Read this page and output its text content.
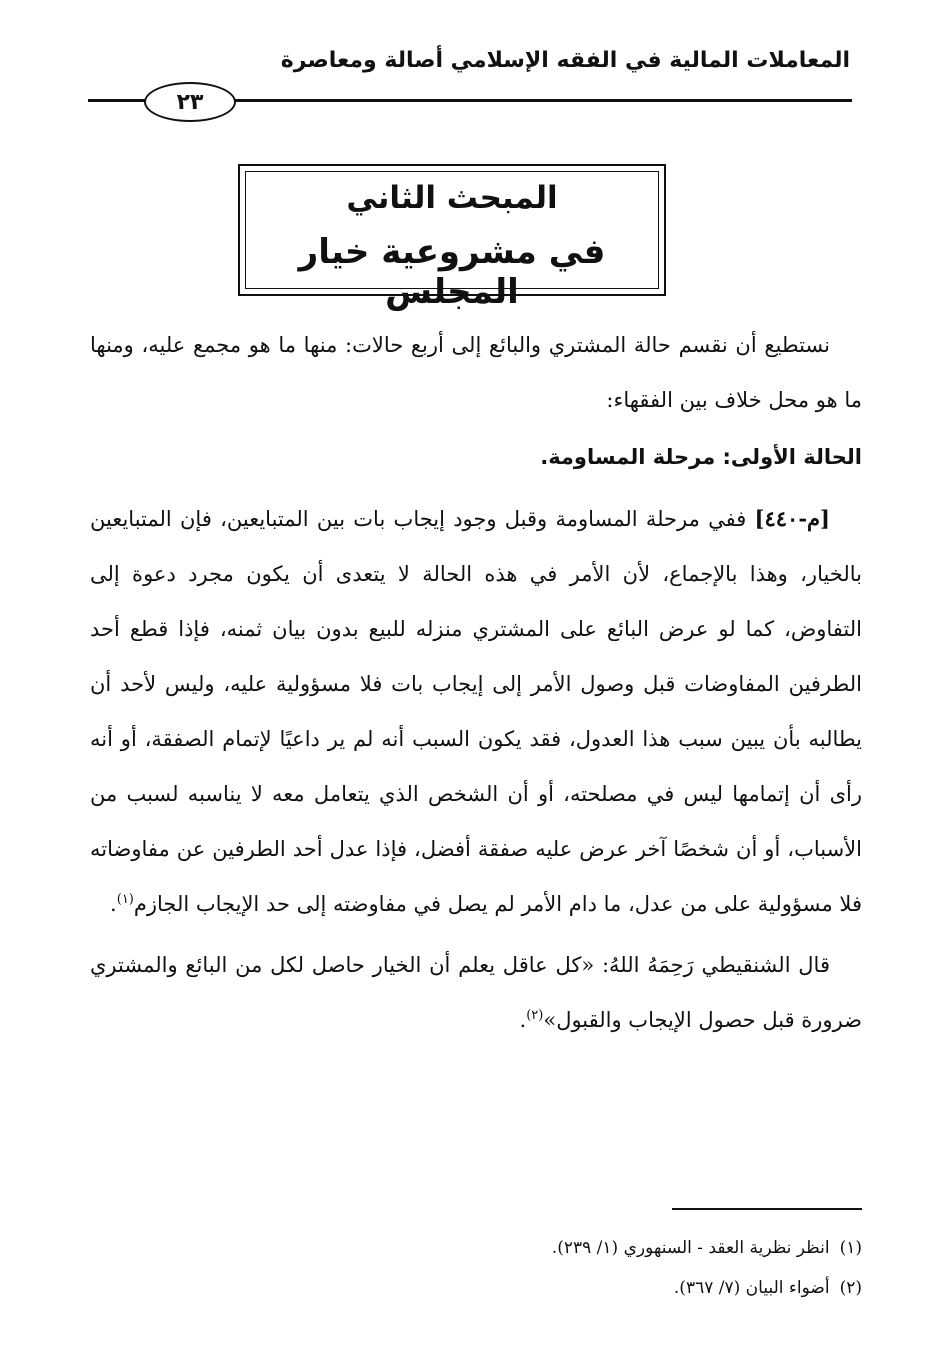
المعاملات المالية في الفقه الإسلامي أصالة ومعاصرة
٢٣
المبحث الثاني
في مشروعية خيار المجلس

نستطيع أن نقسم حالة المشتري والبائع إلى أربع حالات: منها ما هو مجمع عليه، ومنها ما هو محل خلاف بين الفقهاء:

الحالة الأولى: مرحلة المساومة.

[م-٤٤٠] ففي مرحلة المساومة وقبل وجود إيجاب بات بين المتبايعين، فإن المتبايعين بالخيار، وهذا بالإجماع، لأن الأمر في هذه الحالة لا يتعدى أن يكون مجرد دعوة إلى التفاوض، كما لو عرض البائع على المشتري منزله للبيع بدون بيان ثمنه، فإذا قطع أحد الطرفين المفاوضات قبل وصول الأمر إلى إيجاب بات فلا مسؤولية عليه، وليس لأحد أن يطالبه بأن يبين سبب هذا العدول، فقد يكون السبب أنه لم ير داعيًا لإتمام الصفقة، أو أنه رأى أن إتمامها ليس في مصلحته، أو أن الشخص الذي يتعامل معه لا يناسبه لسبب من الأسباب، أو أن شخصًا آخر عرض عليه صفقة أفضل، فإذا عدل أحد الطرفين عن مفاوضاته فلا مسؤولية على من عدل، ما دام الأمر لم يصل في مفاوضته إلى حد الإيجاب الجازم$^{(١)}$.

قال الشنقيطي رَحِمَهُ اللهُ: «كل عاقل يعلم أن الخيار حاصل لكل من البائع والمشتري ضرورة قبل حصول الإيجاب والقبول»$^{(٢)}$.

(١)انظر نظرية العقد - السنهوري (١/ ٢٣٩).
(٢)أضواء البيان (٧/ ٣٦٧).
